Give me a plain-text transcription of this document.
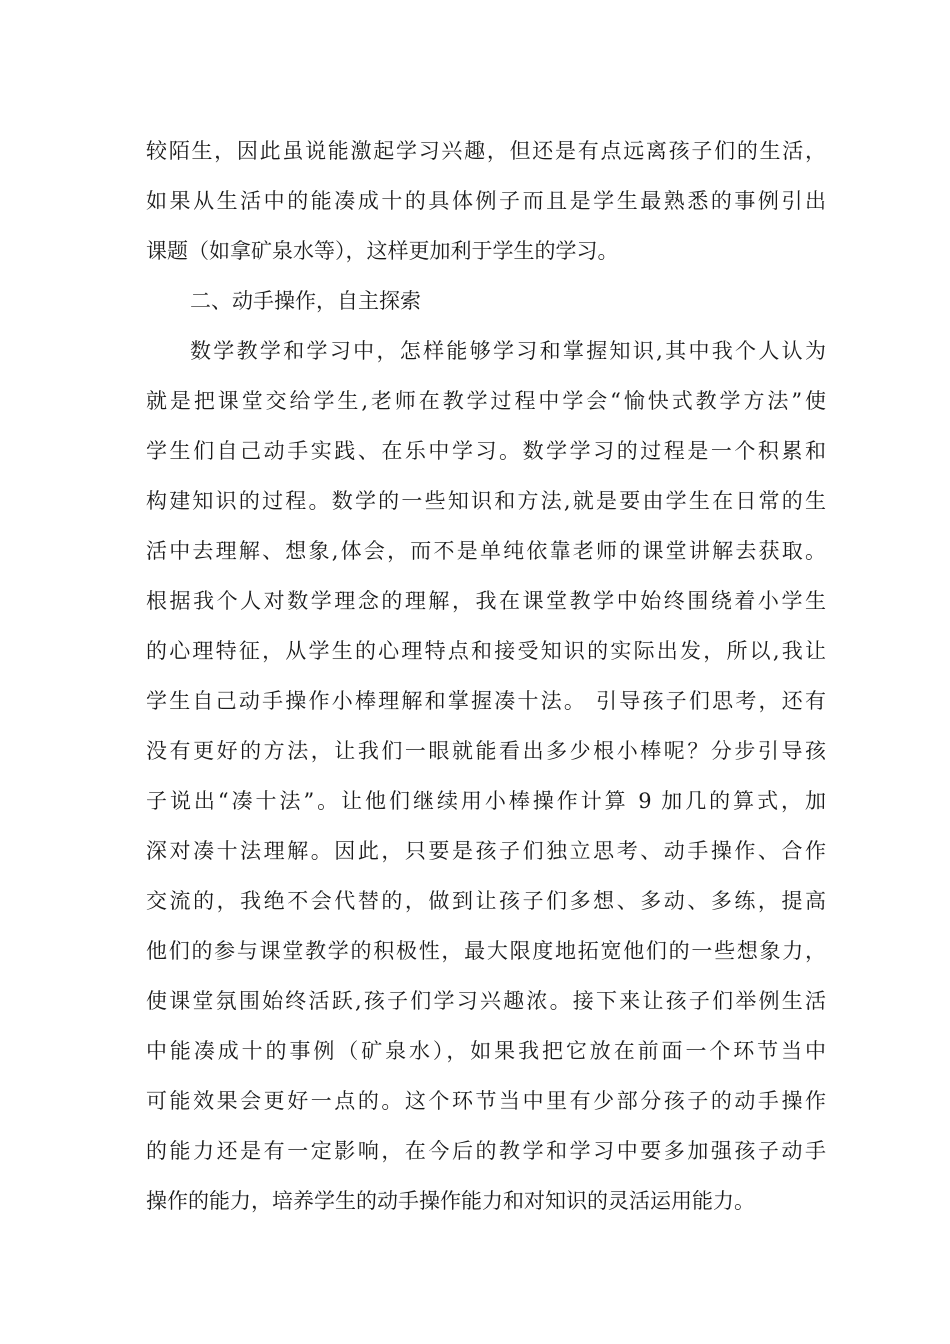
较陌生，因此虽说能激起学习兴趣，但还是有点远离孩子们的生活，
如果从生活中的能凑成十的具体例子而且是学生最熟悉的事例引出
课题（如拿矿泉水等），这样更加利于学生的学习。
二、动手操作，自主探索
数学教学和学习中，怎样能够学习和掌握知识,其中我个人认为
就是把课堂交给学生,老师在教学过程中学会“愉快式教学方法”使
学生们自己动手实践、在乐中学习。数学学习的过程是一个积累和
构建知识的过程。数学的一些知识和方法,就是要由学生在日常的生
活中去理解、想象,体会，而不是单纯依靠老师的课堂讲解去获取。
根据我个人对数学理念的理解，我在课堂教学中始终围绕着小学生
的心理特征，从学生的心理特点和接受知识的实际出发，所以,我让
学生自己动手操作小棒理解和掌握凑十法。 引导孩子们思考，还有
没有更好的方法，让我们一眼就能看出多少根小棒呢？分步引导孩
子说出“凑十法”。让他们继续用小棒操作计算 9 加几的算式，加
深对凑十法理解。因此，只要是孩子们独立思考、动手操作、合作
交流的，我绝不会代替的，做到让孩子们多想、多动、多练，提高
他们的参与课堂教学的积极性，最大限度地拓宽他们的一些想象力，
使课堂氛围始终活跃,孩子们学习兴趣浓。接下来让孩子们举例生活
中能凑成十的事例（矿泉水），如果我把它放在前面一个环节当中
可能效果会更好一点的。这个环节当中里有少部分孩子的动手操作
的能力还是有一定影响，在今后的教学和学习中要多加强孩子动手
操作的能力，培养学生的动手操作能力和对知识的灵活运用能力。
